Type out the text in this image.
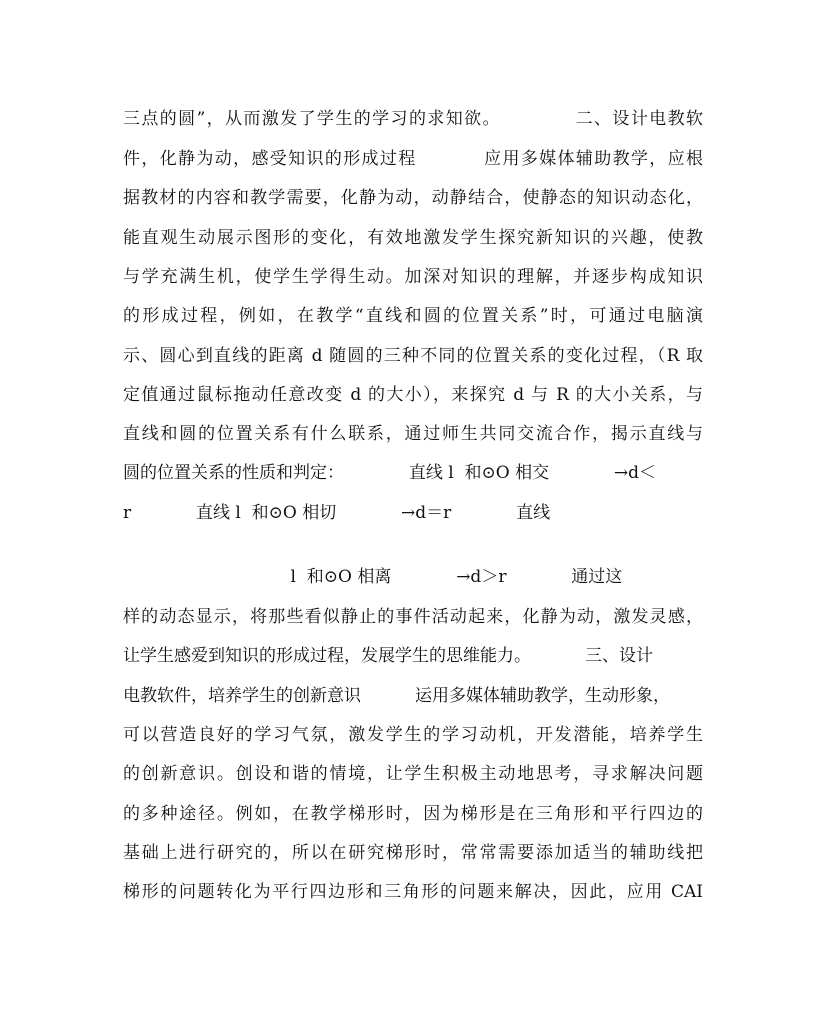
三点的圆”，从而激发了学生的学习的求知欲。           二、设计电教软
件，化静为动，感受知识的形成过程          应用多媒体辅助教学，应根
据教材的内容和教学需要，化静为动，动静结合，使静态的知识动态化，
能直观生动展示图形的变化，有效地激发学生探究新知识的兴趣，使教
与学充满生机，使学生学得生动。加深对知识的理解，并逐步构成知识
的形成过程，例如，在教学“直线和圆的位置关系”时，可通过电脑演
示、圆心到直线的距离 d 随圆的三种不同的位置关系的变化过程，（R 取
定值通过鼠标拖动任意改变 d 的大小），来探究 d 与 R 的大小关系，与
直线和圆的位置关系有什么联系，通过师生共同交流合作，揭示直线与
圆的位置关系的性质和判定：            直线 l  和⊙O 相交            →d＜
r            直线 l  和⊙O 相切            →d＝r            直线
l  和⊙O 相离            →d＞r            通过这
样的动态显示，将那些看似静止的事件活动起来，化静为动，激发灵感，
让学生感爱到知识的形成过程，发展学生的思维能力。          三、设计
电教软件，培养学生的创新意识          运用多媒体辅助教学，生动形象，
可以营造良好的学习气氛，激发学生的学习动机，开发潜能，培养学生
的创新意识。创设和谐的情境，让学生积极主动地思考，寻求解决问题
的多种途径。例如，在教学梯形时，因为梯形是在三角形和平行四边的
基础上进行研究的，所以在研究梯形时，常常需要添加适当的辅助线把
梯形的问题转化为平行四边形和三角形的问题来解决，因此，应用 CAI
